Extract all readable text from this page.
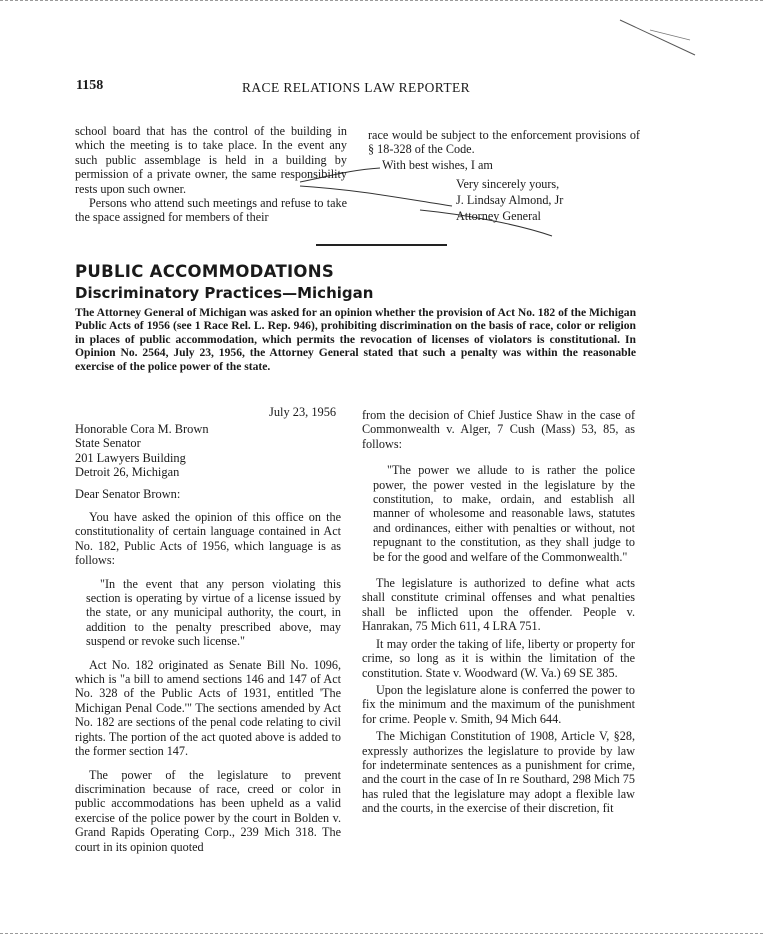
1158	RACE RELATIONS LAW REPORTER

school board that has the control of the building in which the meeting is to take place. In the event any such public assemblage is held in a building by permission of a private owner, the same responsibility rests upon such owner.

Persons who attend such meetings and refuse to take the space assigned for members of their

race would be subject to the enforcement provisions of § 18-328 of the Code.

With best wishes, I am

Very sincerely yours,
J. Lindsay Almond, Jr
Attorney General
PUBLIC ACCOMMODATIONS
Discriminatory Practices—Michigan
The Attorney General of Michigan was asked for an opinion whether the provision of Act No. 182 of the Michigan Public Acts of 1956 (see 1 Race Rel. L. Rep. 946), prohibiting discrimination on the basis of race, color or religion in places of public accommodation, which permits the revocation of licenses of violators is constitutional. In Opinion No. 2564, July 23, 1956, the Attorney General stated that such a penalty was within the reasonable exercise of the police power of the state.
July 23, 1956
Honorable Cora M. Brown
State Senator
201 Lawyers Building
Detroit 26, Michigan
Dear Senator Brown:

You have asked the opinion of this office on the constitutionality of certain language contained in Act No. 182, Public Acts of 1956, which language is as follows:

"In the event that any person violating this section is operating by virtue of a license issued by the state, or any municipal authority, the court, in addition to the penalty prescribed above, may suspend or revoke such license."

Act No. 182 originated as Senate Bill No. 1096, which is "a bill to amend sections 146 and 147 of Act No. 328 of the Public Acts of 1931, entitled 'The Michigan Penal Code.'" The sections amended by Act No. 182 are sections of the penal code relating to civil rights. The portion of the act quoted above is added to the former section 147.

The power of the legislature to prevent discrimination because of race, creed or color in public accommodations has been upheld as a valid exercise of the police power by the court in Bolden v. Grand Rapids Operating Corp., 239 Mich 318. The court in its opinion quoted

from the decision of Chief Justice Shaw in the case of Commonwealth v. Alger, 7 Cush (Mass) 53, 85, as follows:

"The power we allude to is rather the police power, the power vested in the legislature by the constitution, to make, ordain, and establish all manner of wholesome and reasonable laws, statutes and ordinances, either with penalties or without, not repugnant to the constitution, as they shall judge to be for the good and welfare of the Commonwealth."

The legislature is authorized to define what acts shall constitute criminal offenses and what penalties shall be inflicted upon the offender. People v. Hanrakan, 75 Mich 611, 4 LRA 751.

It may order the taking of life, liberty or property for crime, so long as it is within the limitation of the constitution. State v. Woodward (W. Va.) 69 SE 385.

Upon the legislature alone is conferred the power to fix the minimum and the maximum of the punishment for crime. People v. Smith, 94 Mich 644.

The Michigan Constitution of 1908, Article V, §28, expressly authorizes the legislature to provide by law for indeterminate sentences as a punishment for crime, and the court in the case of In re Southard, 298 Mich 75 has ruled that the legislature may adopt a flexible law and the courts, in the exercise of their discretion, fit
